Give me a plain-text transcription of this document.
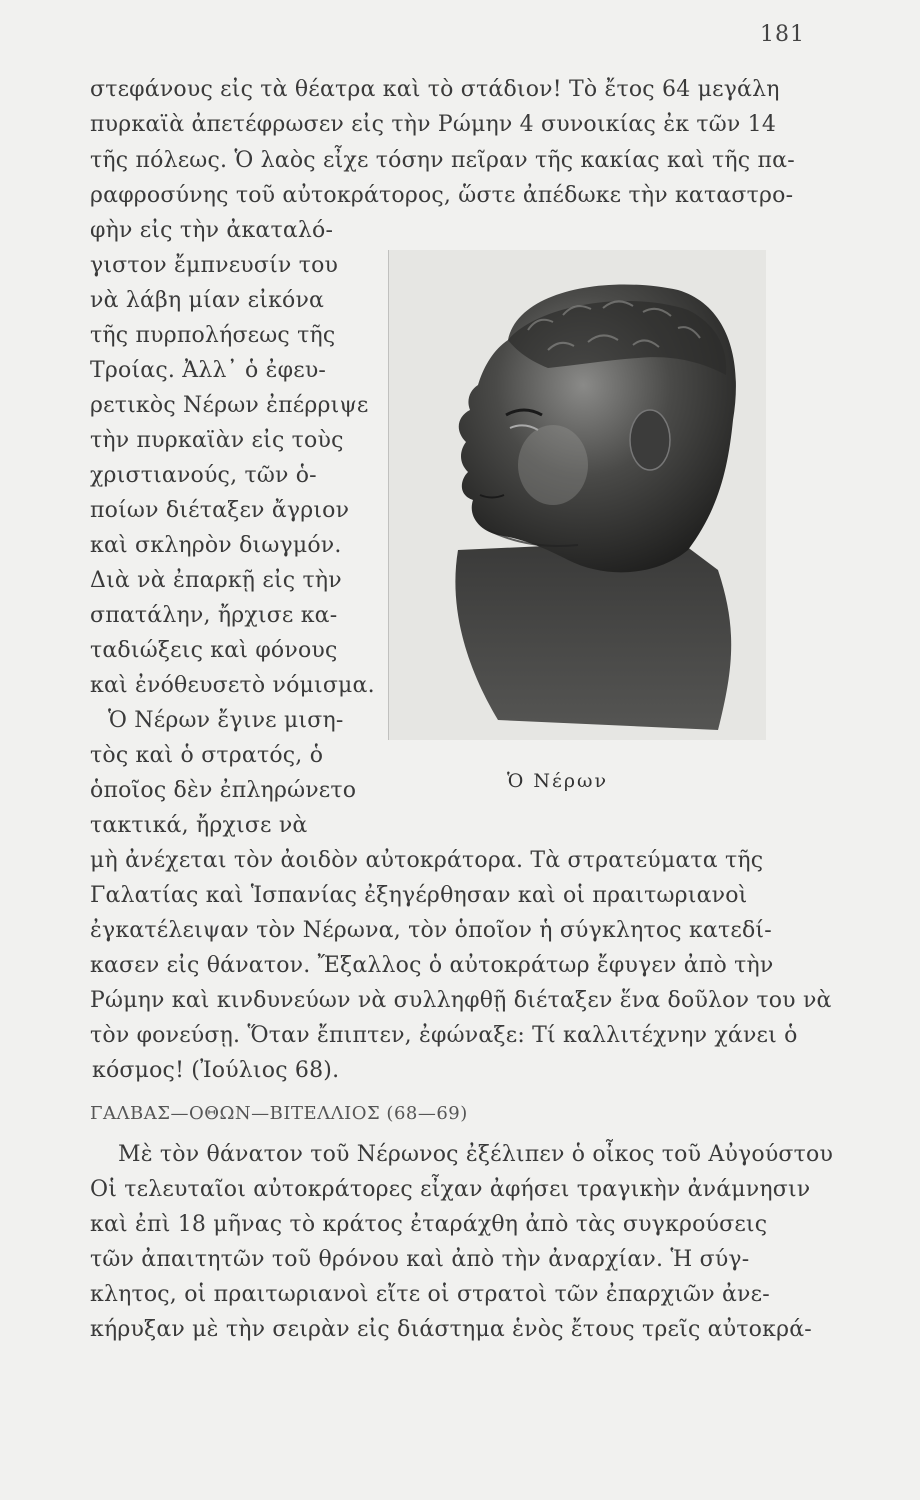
181
στεφάνους εἰς τὰ θέατρα καὶ τὸ στάδιον! Τὸ ἔτος 64 μεγάλη
πυρκαϊὰ ἀπετέφρωσεν εἰς τὴν Ρώμην 4 συνοικίας ἐκ τῶν 14
τῆς πόλεως. Ὁ λαὸς εἶχε τόσην πεῖραν τῆς κακίας καὶ τῆς πα-
ραφροσύνης τοῦ αὐτοκράτορος, ὥστε ἀπέδωκε τὴν καταστρο-
φὴν εἰς τὴν ἀκαταλό-
γιστον ἔμπνευσίν του
νὰ λάβη μίαν εἰκόνα
τῆς πυρπολήσεως τῆς
Τροίας. Ἀλλ᾽ ὁ ἐφευ-
ρετικὸς Νέρων ἐπέρριψε
τὴν πυρκαϊὰν εἰς τοὺς
χριστιανούς, τῶν ὁ-
ποίων διέταξεν ἄγριον
καὶ σκληρὸν διωγμόν.
Διὰ νὰ ἐπαρκῇ εἰς τὴν
σπατάλην, ἤρχισε κα-
ταδιώξεις καὶ φόνους
καὶ ἐνόθευσετὸ νόμισμα.
Ὁ Νέρων ἔγινε μιση-
τὸς καὶ ὁ στρατός, ὁ
ὁποῖος δὲν ἐπληρώνετο
τακτικά, ἤρχισε νὰ
Ὁ Νέρων
μὴ ἀνέχεται τὸν ἀοιδὸν αὐτοκράτορα. Τὰ στρατεύματα τῆς
Γαλατίας καὶ Ἱσπανίας ἐξηγέρθησαν καὶ οἱ πραιτωριανοὶ
ἐγκατέλειψαν τὸν Νέρωνα, τὸν ὁποῖον ἡ σύγκλητος κατεδί-
κασεν εἰς θάνατον. Ἔξαλλος ὁ αὐτοκράτωρ ἔφυγεν ἀπὸ τὴν
Ρώμην καὶ κινδυνεύων νὰ συλληφθῇ διέταξεν ἕνα δοῦλον του νὰ
τὸν φονεύσῃ. Ὅταν ἔπιπτεν, ἐφώναξε: Τί καλλιτέχνην χάνει ὁ
κόσμος! (Ἰούλιος 68).
ΓΑΛΒΑΣ—ΟΘΩΝ—ΒΙΤΕΛΛΙΟΣ (68—69)
Μὲ τὸν θάνατον τοῦ Νέρωνος ἐξέλιπεν ὁ οἶκος τοῦ Αὐγούστου
Οἱ τελευταῖοι αὐτοκράτορες εἶχαν ἀφήσει τραγικὴν ἀνάμνησιν
καὶ ἐπὶ 18 μῆνας τὸ κράτος ἐταράχθη ἀπὸ τὰς συγκρούσεις
τῶν ἀπαιτητῶν τοῦ θρόνου καὶ ἀπὸ τὴν ἀναρχίαν. Ἡ σύγ-
κλητος, οἱ πραιτωριανοὶ εἴτε οἱ στρατοὶ τῶν ἐπαρχιῶν ἀνε-
κήρυξαν μὲ τὴν σειρὰν εἰς διάστημα ἑνὸς ἔτους τρεῖς αὐτοκρά-
